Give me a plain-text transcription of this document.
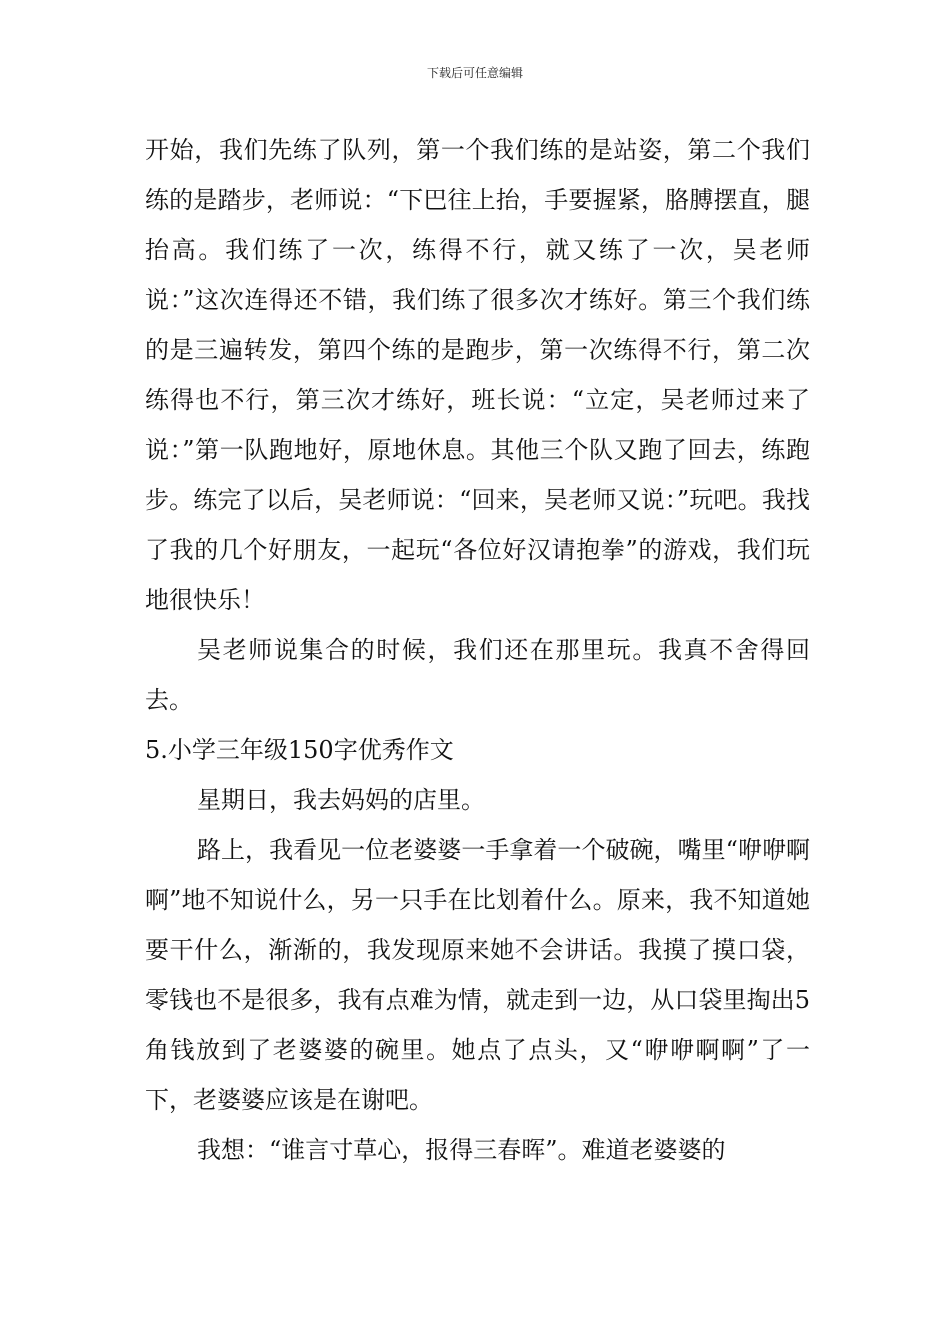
下载后可任意编辑

开始，我们先练了队列，第一个我们练的是站姿，第二个我们练的是踏步，老师说：“下巴往上抬，手要握紧，胳膊摆直，腿抬高。我们练了一次，练得不行，就又练了一次，吴老师说：”这次连得还不错，我们练了很多次才练好。第三个我们练的是三遍转发，第四个练的是跑步，第一次练得不行，第二次练得也不行，第三次才练好，班长说：“立定，吴老师过来了说：”第一队跑地好，原地休息。其他三个队又跑了回去，练跑步。练完了以后，吴老师说：“回来，吴老师又说：”玩吧。我找了我的几个好朋友，一起玩“各位好汉请抱拳”的游戏，我们玩地很快乐！

吴老师说集合的时候，我们还在那里玩。我真不舍得回去。

5.小学三年级150字优秀作文

星期日，我去妈妈的店里。

路上，我看见一位老婆婆一手拿着一个破碗，嘴里“咿咿啊啊”地不知说什么，另一只手在比划着什么。原来，我不知道她要干什么，渐渐的，我发现原来她不会讲话。我摸了摸口袋，零钱也不是很多，我有点难为情，就走到一边，从口袋里掏出5角钱放到了老婆婆的碗里。她点了点头，又“咿咿啊啊”了一下，老婆婆应该是在谢吧。

我想：“谁言寸草心，报得三春晖”。难道老婆婆的
